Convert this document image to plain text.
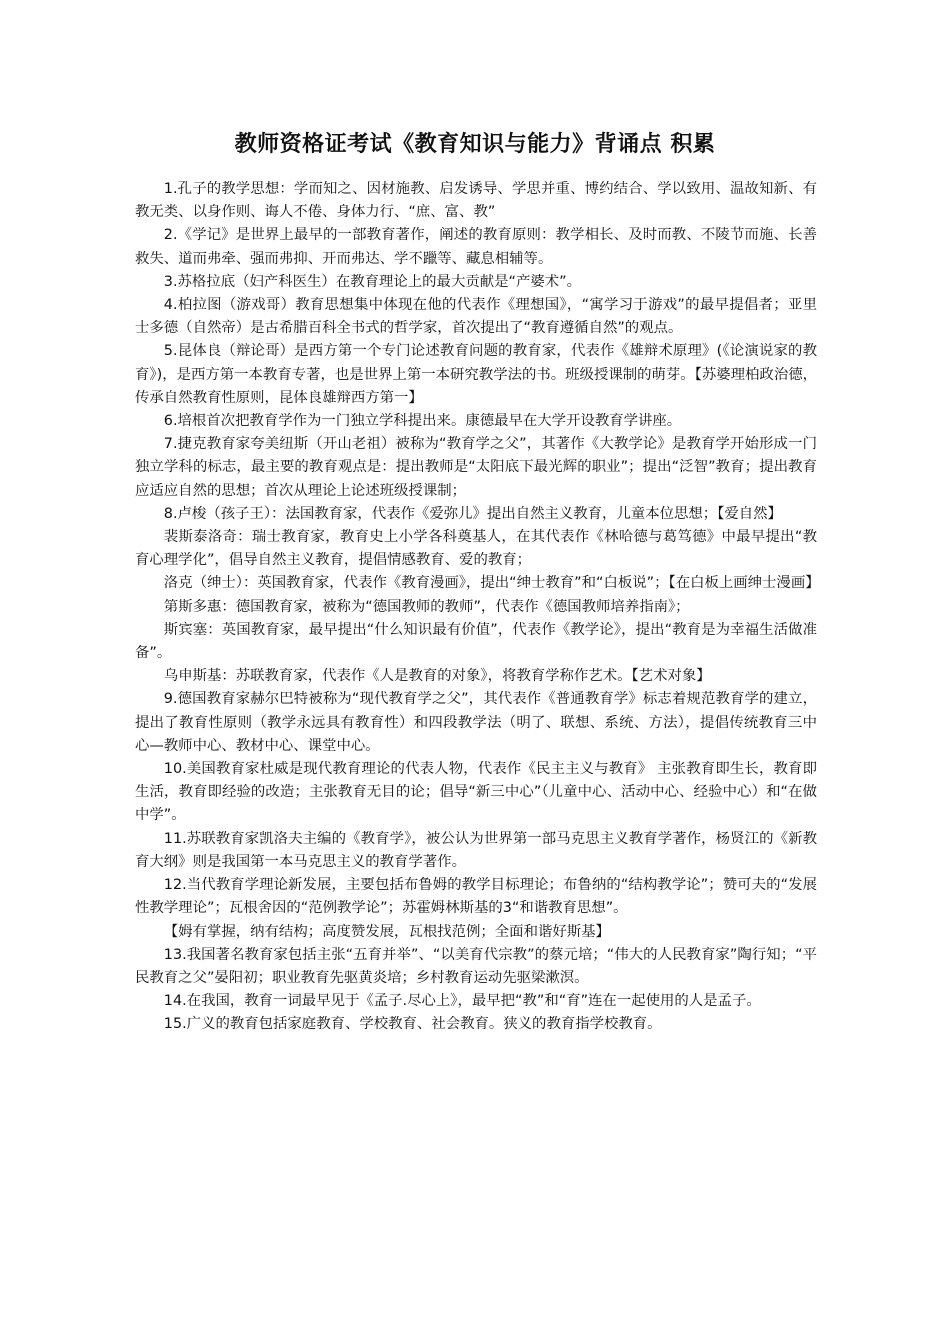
教师资格证考试《教育知识与能力》背诵点 积累

1.孔子的教学思想：学而知之、因材施教、启发诱导、学思并重、博约结合、学以致用、温故知新、有教无类、以身作则、诲人不倦、身体力行、“庶、富、教”

2.《学记》是世界上最早的一部教育著作，阐述的教育原则：教学相长、及时而教、不陵节而施、长善救失、道而弗牵、强而弗抑、开而弗达、学不躐等、藏息相辅等。

3.苏格拉底（妇产科医生）在教育理论上的最大贡献是“产婆术”。

4.柏拉图（游戏哥）教育思想集中体现在他的代表作《理想国》，“寓学习于游戏”的最早提倡者；亚里士多德（自然帝）是古希腊百科全书式的哲学家，首次提出了“教育遵循自然”的观点。

5.昆体良（辩论哥）是西方第一个专门论述教育问题的教育家，代表作《雄辩术原理》(《论演说家的教育》)，是西方第一本教育专著，也是世界上第一本研究教学法的书。班级授课制的萌芽。【苏婆理柏政治德，传承自然教育性原则，昆体良雄辩西方第一】

6.培根首次把教育学作为一门独立学科提出来。康德最早在大学开设教育学讲座。

7.捷克教育家夸美纽斯（开山老祖）被称为“教育学之父”，其著作《大教学论》是教育学开始形成一门独立学科的标志，最主要的教育观点是：提出教师是“太阳底下最光辉的职业”；提出“泛智”教育；提出教育应适应自然的思想；首次从理论上论述班级授课制；

8.卢梭（孩子王）：法国教育家，代表作《爱弥儿》提出自然主义教育，儿童本位思想；【爱自然】

裴斯泰洛奇：瑞士教育家，教育史上小学各科奠基人，在其代表作《林哈德与葛笃德》中最早提出“教育心理学化”，倡导自然主义教育，提倡情感教育、爱的教育；

洛克（绅士）：英国教育家，代表作《教育漫画》，提出“绅士教育”和“白板说”；【在白板上画绅士漫画】

第斯多惠：德国教育家，被称为“德国教师的教师”，代表作《德国教师培养指南》；

斯宾塞：英国教育家，最早提出“什么知识最有价值”，代表作《教学论》，提出“教育是为幸福生活做准备”。

乌申斯基：苏联教育家，代表作《人是教育的对象》，将教育学称作艺术。【艺术对象】

9.德国教育家赫尔巴特被称为“现代教育学之父”，其代表作《普通教育学》标志着规范教育学的建立，提出了教育性原则（教学永远具有教育性）和四段教学法（明了、联想、系统、方法），提倡传统教育三中心—教师中心、教材中心、课堂中心。

10.美国教育家杜威是现代教育理论的代表人物，代表作《民主主义与教育》 主张教育即生长，教育即生活，教育即经验的改造；主张教育无目的论；倡导“新三中心”（儿童中心、活动中心、经验中心）和“在做中学”。

11.苏联教育家凯洛夫主编的《教育学》，被公认为世界第一部马克思主义教育学著作，杨贤江的《新教育大纲》则是我国第一本马克思主义的教育学著作。

12.当代教育学理论新发展，主要包括布鲁姆的教学目标理论；布鲁纳的“结构教学论”；赞可夫的“发展性教学理论”；瓦根舍因的“范例教学论”；苏霍姆林斯基的3“和谐教育思想”。

【姆有掌握，纳有结构；高度赞发展，瓦根找范例；全面和谐好斯基】

13.我国著名教育家包括主张“五育并举”、“以美育代宗教”的蔡元培；“伟大的人民教育家”陶行知；“平民教育之父”晏阳初；职业教育先驱黄炎培；乡村教育运动先驱梁漱溟。

14.在我国，教育一词最早见于《孟子.尽心上》，最早把“教”和“育”连在一起使用的人是孟子。

15.广义的教育包括家庭教育、学校教育、社会教育。狭义的教育指学校教育。
